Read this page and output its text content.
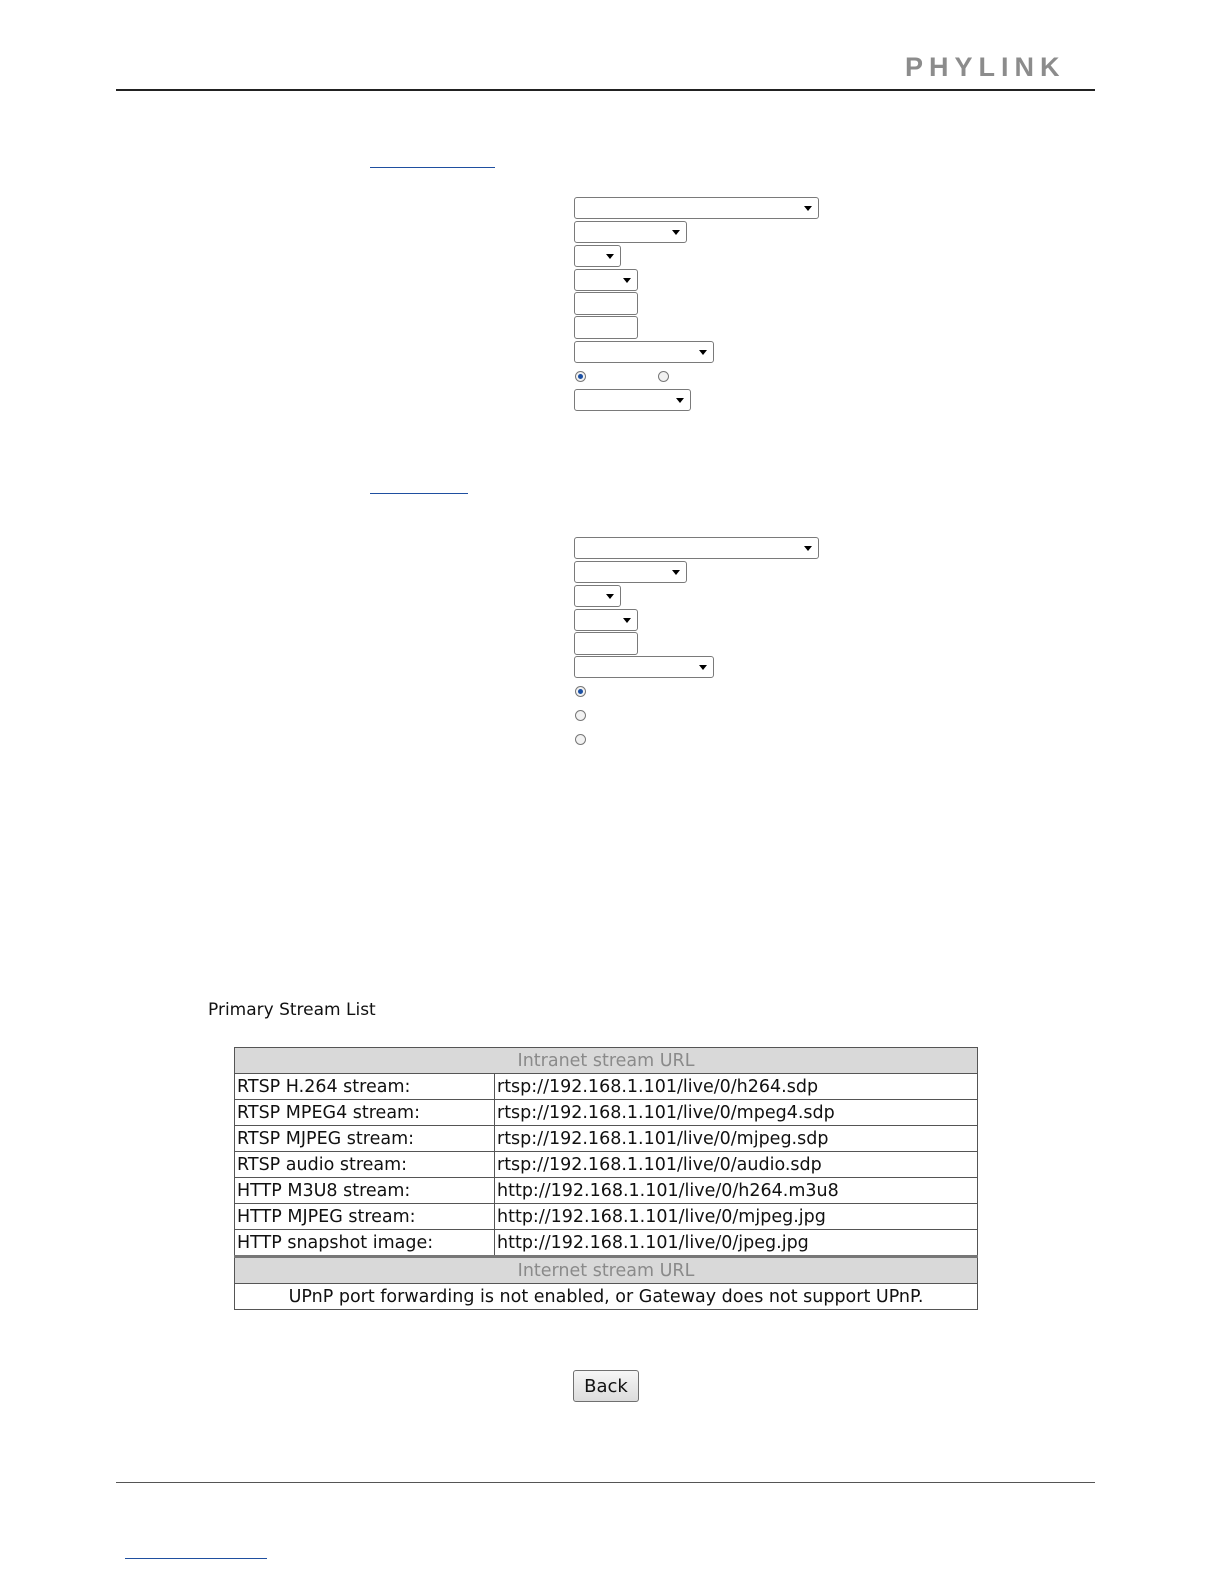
PHYLINK
Primary Stream List
Intranet stream URL	
RTSP H.264 stream:	rtsp://192.168.1.101/live/0/h264.sdp
RTSP MPEG4 stream:	rtsp://192.168.1.101/live/0/mpeg4.sdp
RTSP MJPEG stream:	rtsp://192.168.1.101/live/0/mjpeg.sdp
RTSP audio stream:	rtsp://192.168.1.101/live/0/audio.sdp
HTTP M3U8 stream:	http://192.168.1.101/live/0/h264.m3u8
HTTP MJPEG stream:	http://192.168.1.101/live/0/mjpeg.jpg
HTTP snapshot image:	http://192.168.1.101/live/0/jpeg.jpg
Internet stream URL	
UPnP port forwarding is not enabled, or Gateway does not support UPnP.	
Back
